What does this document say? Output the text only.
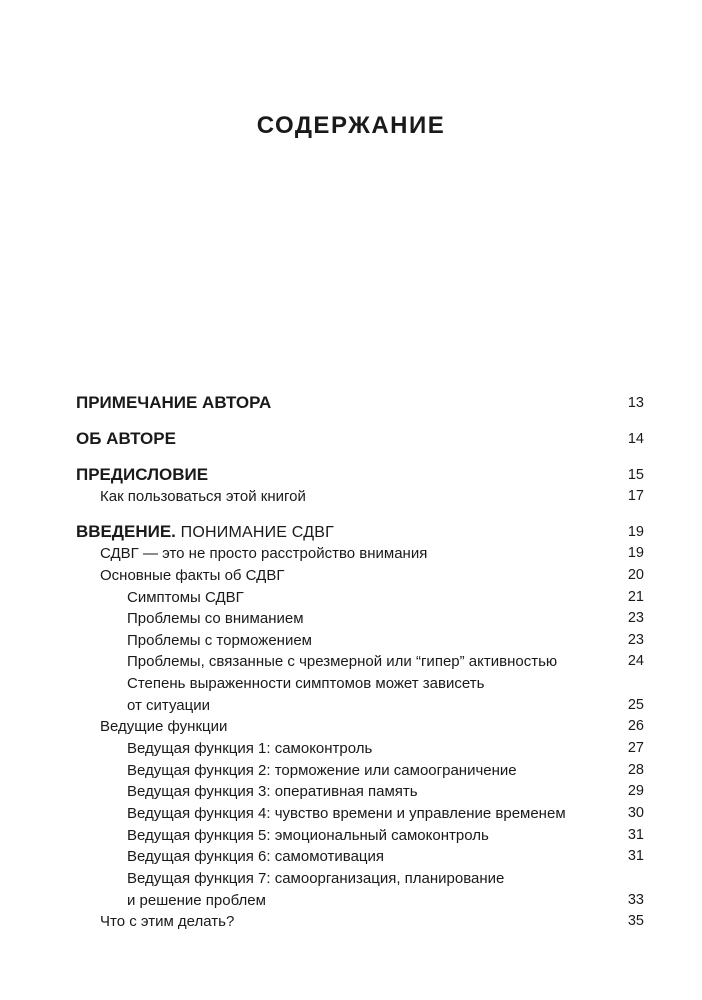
СОДЕРЖАНИЕ
ПРИМЕЧАНИЕ АВТОРА	13
ОБ АВТОРЕ	14
ПРЕДИСЛОВИЕ	15
Как пользоваться этой книгой	17
ВВЕДЕНИЕ. ПОНИМАНИЕ СДВГ	19
СДВГ — это не просто расстройство внимания	19
Основные факты об СДВГ	20
Симптомы СДВГ	21
Проблемы со вниманием	23
Проблемы с торможением	23
Проблемы, связанные с чрезмерной или “гипер” активностью	24
Степень выраженности симптомов может зависеть
от ситуации	25
Ведущие функции	26
Ведущая функция 1: самоконтроль	27
Ведущая функция 2: торможение или самоограничение	28
Ведущая функция 3: оперативная память	29
Ведущая функция 4: чувство времени и управление временем	30
Ведущая функция 5: эмоциональный самоконтроль	31
Ведущая функция 6: самомотивация	31
Ведущая функция 7: самоорганизация, планирование
и решение проблем	33
Что с этим делать?	35
